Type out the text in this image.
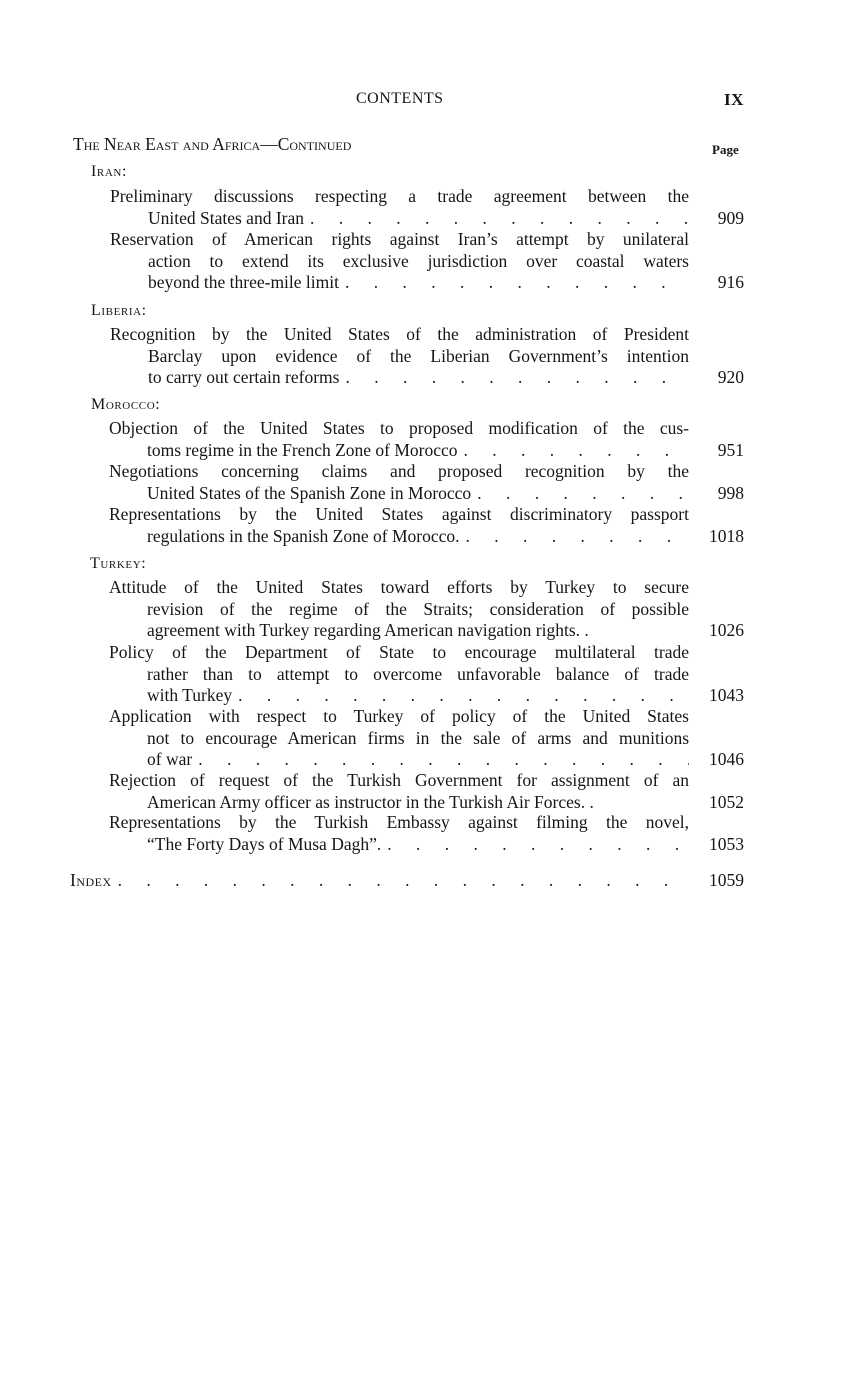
CONTENTS	IX
The Near East and Africa—Continued	Page
Iran:
Preliminary discussions respecting a trade agreement between the
United States and Iran . . .	909
Reservation of American rights against Iran’s attempt by unilateral
action to extend its exclusive jurisdiction over coastal waters
beyond the three-mile limit . . .	916
Liberia:
Recognition by the United States of the administration of President
Barclay upon evidence of the Liberian Government’s intention
to carry out certain reforms . . .	920
Morocco:
Objection of the United States to proposed modification of the cus-
toms regime in the French Zone of Morocco . . .	951
Negotiations concerning claims and proposed recognition by the
United States of the Spanish Zone in Morocco . . .	998
Representations by the United States against discriminatory passport
regulations in the Spanish Zone of Morocco. . . .	1018
Turkey:
Attitude of the United States toward efforts by Turkey to secure
revision of the regime of the Straits; consideration of possible
agreement with Turkey regarding American navigation rights. .	1026
Policy of the Department of State to encourage multilateral trade
rather than to attempt to overcome unfavorable balance of trade
with Turkey . . .	1043
Application with respect to Turkey of policy of the United States
not to encourage American firms in the sale of arms and munitions
of war . . .	1046
Rejection of request of the Turkish Government for assignment of an
American Army officer as instructor in the Turkish Air Forces. .	1052
Representations by the Turkish Embassy against filming the novel,
“The Forty Days of Musa Dagh”. . . .	1053
Index . . .	1059
